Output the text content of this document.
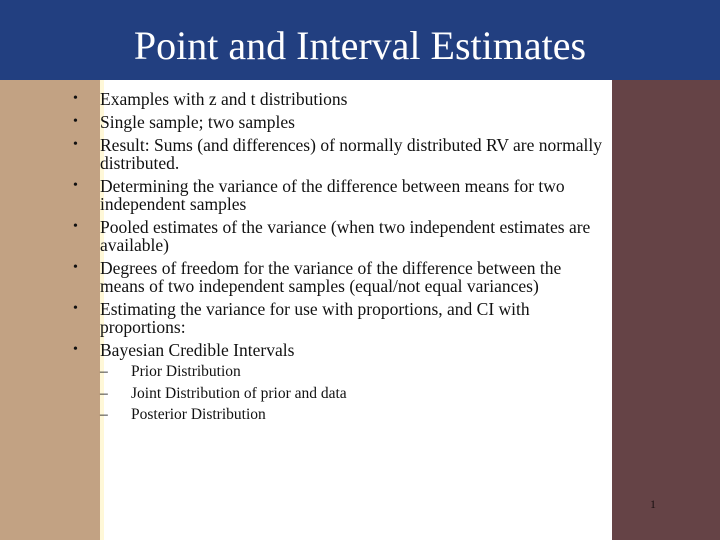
Point and Interval Estimates
• Examples with z and t distributions
• Single sample; two samples
• Result: Sums (and differences) of normally distributed RV are normally distributed.
• Determining the variance of the difference between means for two independent samples
• Pooled estimates of the variance (when two independent estimates are available)
• Degrees of freedom for the variance of the difference between the means of two independent samples (equal/not equal variances)
• Estimating the variance for use with proportions, and CI with proportions:
• Bayesian Credible Intervals
– Prior Distribution
– Joint Distribution of prior and data
– Posterior Distribution
1
